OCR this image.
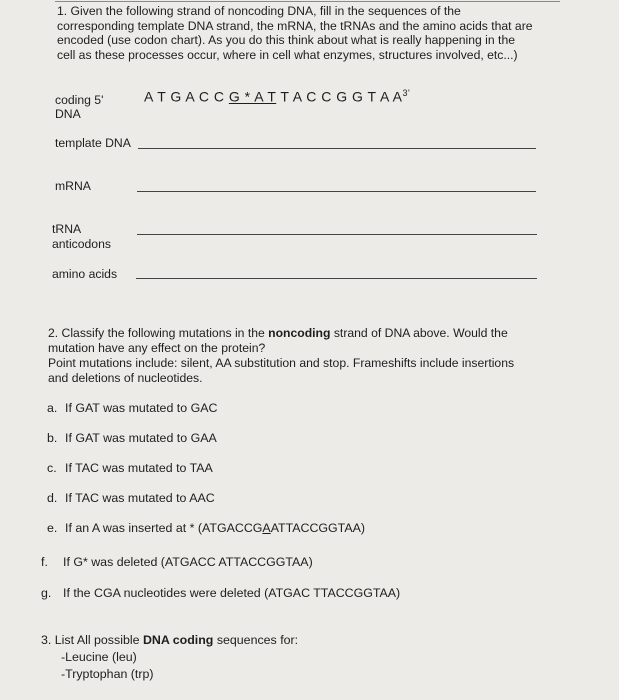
1. Given the following strand of noncoding DNA, fill in the sequences of the
corresponding template DNA strand, the mRNA, the tRNAs and the amino acids that are
encoded (use codon chart). As you do this think about what is really happening in the
cell as these processes occur, where in cell what enzymes, structures involved, etc...)
coding 5'
DNA
A T G A C C G * A T T A C C G G T A $A^{3'}$
template DNA
mRNA
tRNA
anticodons
amino acids
2. Classify the following mutations in the noncoding strand of DNA above. Would the
mutation have any effect on the protein?
Point mutations include: silent, AA substitution and stop. Frameshifts include insertions
and deletions of nucleotides.
a. If GAT was mutated to GAC
b. If GAT was mutated to GAA
c. If TAC was mutated to TAA
d. If TAC was mutated to AAC
e. If an A was inserted at * (ATGACCGAATTACCGGTAA)
f. If G* was deleted (ATGACC ATTACCGGTAA)
g. If the CGA nucleotides were deleted (ATGAC TTACCGGTAA)
3. List All possible DNA coding sequences for:
-Leucine (leu)
-Tryptophan (trp)
